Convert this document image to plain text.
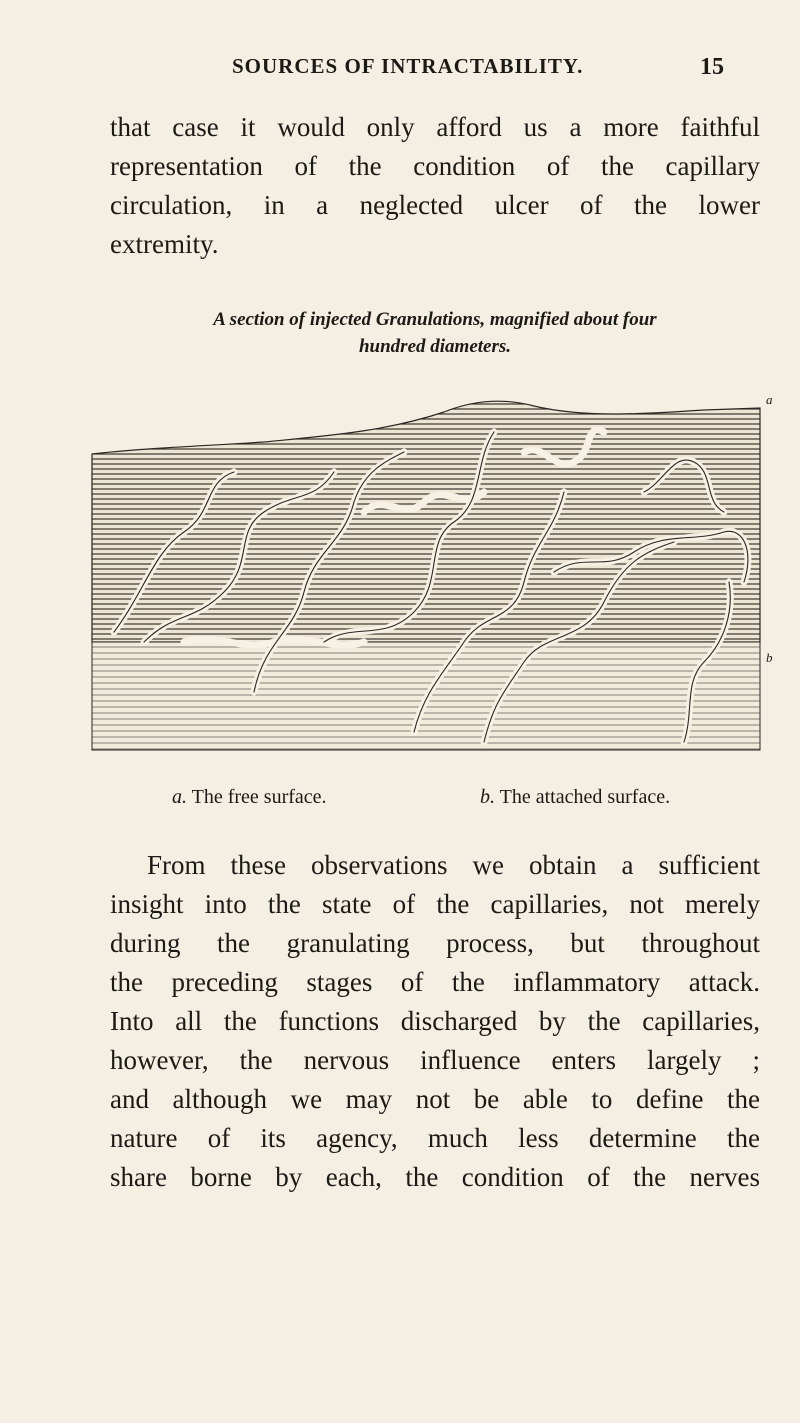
SOURCES OF INTRACTABILITY.	15
that case it would only afford us a more faithful
representation of the condition of the capillary
circulation, in a neglected ulcer of the lower
extremity.
A section of injected Granulations, magnified about four
hundred diameters.
a
b
a. The free surface.	b. The attached surface.
From these observations we obtain a sufficient
insight into the state of the capillaries, not merely
during the granulating process, but throughout
the preceding stages of the inflammatory attack.
Into all the functions discharged by the capillaries,
however, the nervous influence enters largely ;
and although we may not be able to define the
nature of its agency, much less determine the
share borne by each, the condition of the nerves
